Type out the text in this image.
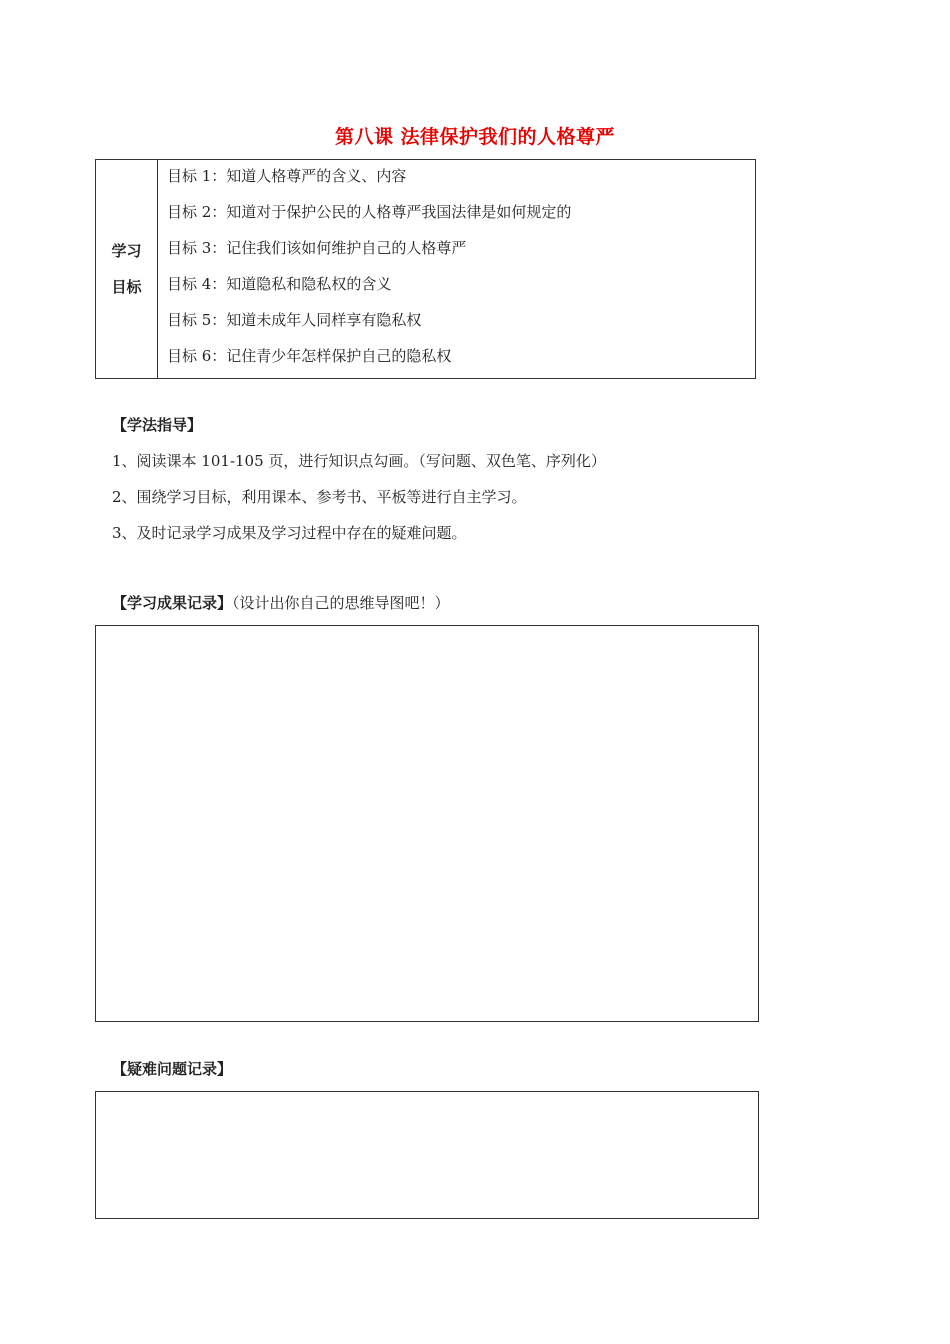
第八课 法律保护我们的人格尊严
学习
目标
目标 1：知道人格尊严的含义、内容
目标 2：知道对于保护公民的人格尊严我国法律是如何规定的
目标 3：记住我们该如何维护自己的人格尊严
目标 4：知道隐私和隐私权的含义
目标 5：知道未成年人同样享有隐私权
目标 6：记住青少年怎样保护自己的隐私权
【学法指导】
1、阅读课本 101-105 页，进行知识点勾画。（写问题、双色笔、序列化）
2、围绕学习目标，利用课本、参考书、平板等进行自主学习。
3、及时记录学习成果及学习过程中存在的疑难问题。
【学习成果记录】（设计出你自己的思维导图吧！）
【疑难问题记录】
